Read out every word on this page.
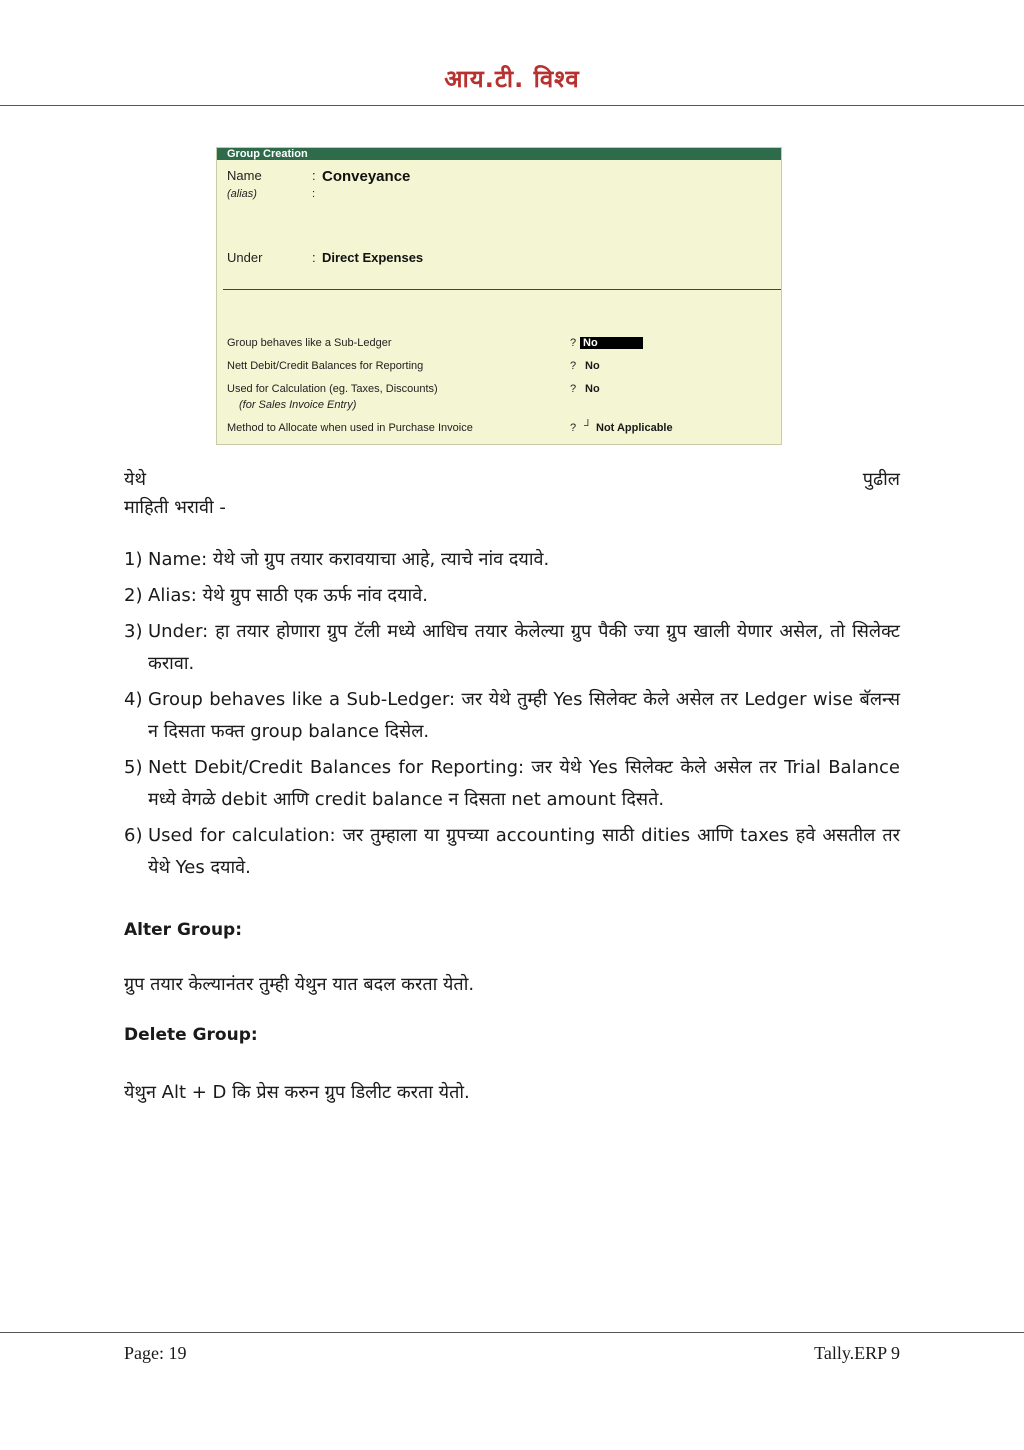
आय.टी. विश्व
Group Creation
Name	: Conveyance
(alias)	:
Under	: Direct Expenses
Group behaves like a Sub-Ledger	? No
Nett Debit/Credit Balances for Reporting	? No
Used for Calculation (eg. Taxes, Discounts)	? No
(for Sales Invoice Entry)
Method to Allocate when used in Purchase Invoice	? ┘ Not Applicable
येथे	पुढील
माहिती भरावी -
1) Name: येथे जो ग्रुप तयार करावयाचा आहे, त्याचे नांव दयावे.
2) Alias: येथे ग्रुप साठी एक ऊर्फ नांव दयावे.
3) Under: हा तयार होणारा ग्रुप टॅली मध्ये आधिच तयार केलेल्या ग्रुप पैकी ज्या ग्रुप खाली येणार असेल, तो सिलेक्ट करावा.
4) Group behaves like a Sub-Ledger: जर येथे तुम्ही Yes सिलेक्ट केले असेल तर Ledger wise बॅलन्स न दिसता फक्त group balance दिसेल.
5) Nett Debit/Credit Balances for Reporting: जर येथे Yes सिलेक्ट केले असेल तर Trial Balance मध्ये वेगळे debit आणि credit balance न दिसता net amount दिसते.
6) Used for calculation: जर तुम्हाला या ग्रुपच्या accounting साठी dities आणि taxes हवे असतील तर येथे Yes दयावे.
Alter Group:
ग्रुप तयार केल्यानंतर तुम्ही येथुन यात बदल करता येतो.
Delete Group:
येथुन Alt + D कि प्रेस करुन ग्रुप डिलीट करता येतो.
Page: 19	Tally.ERP 9
